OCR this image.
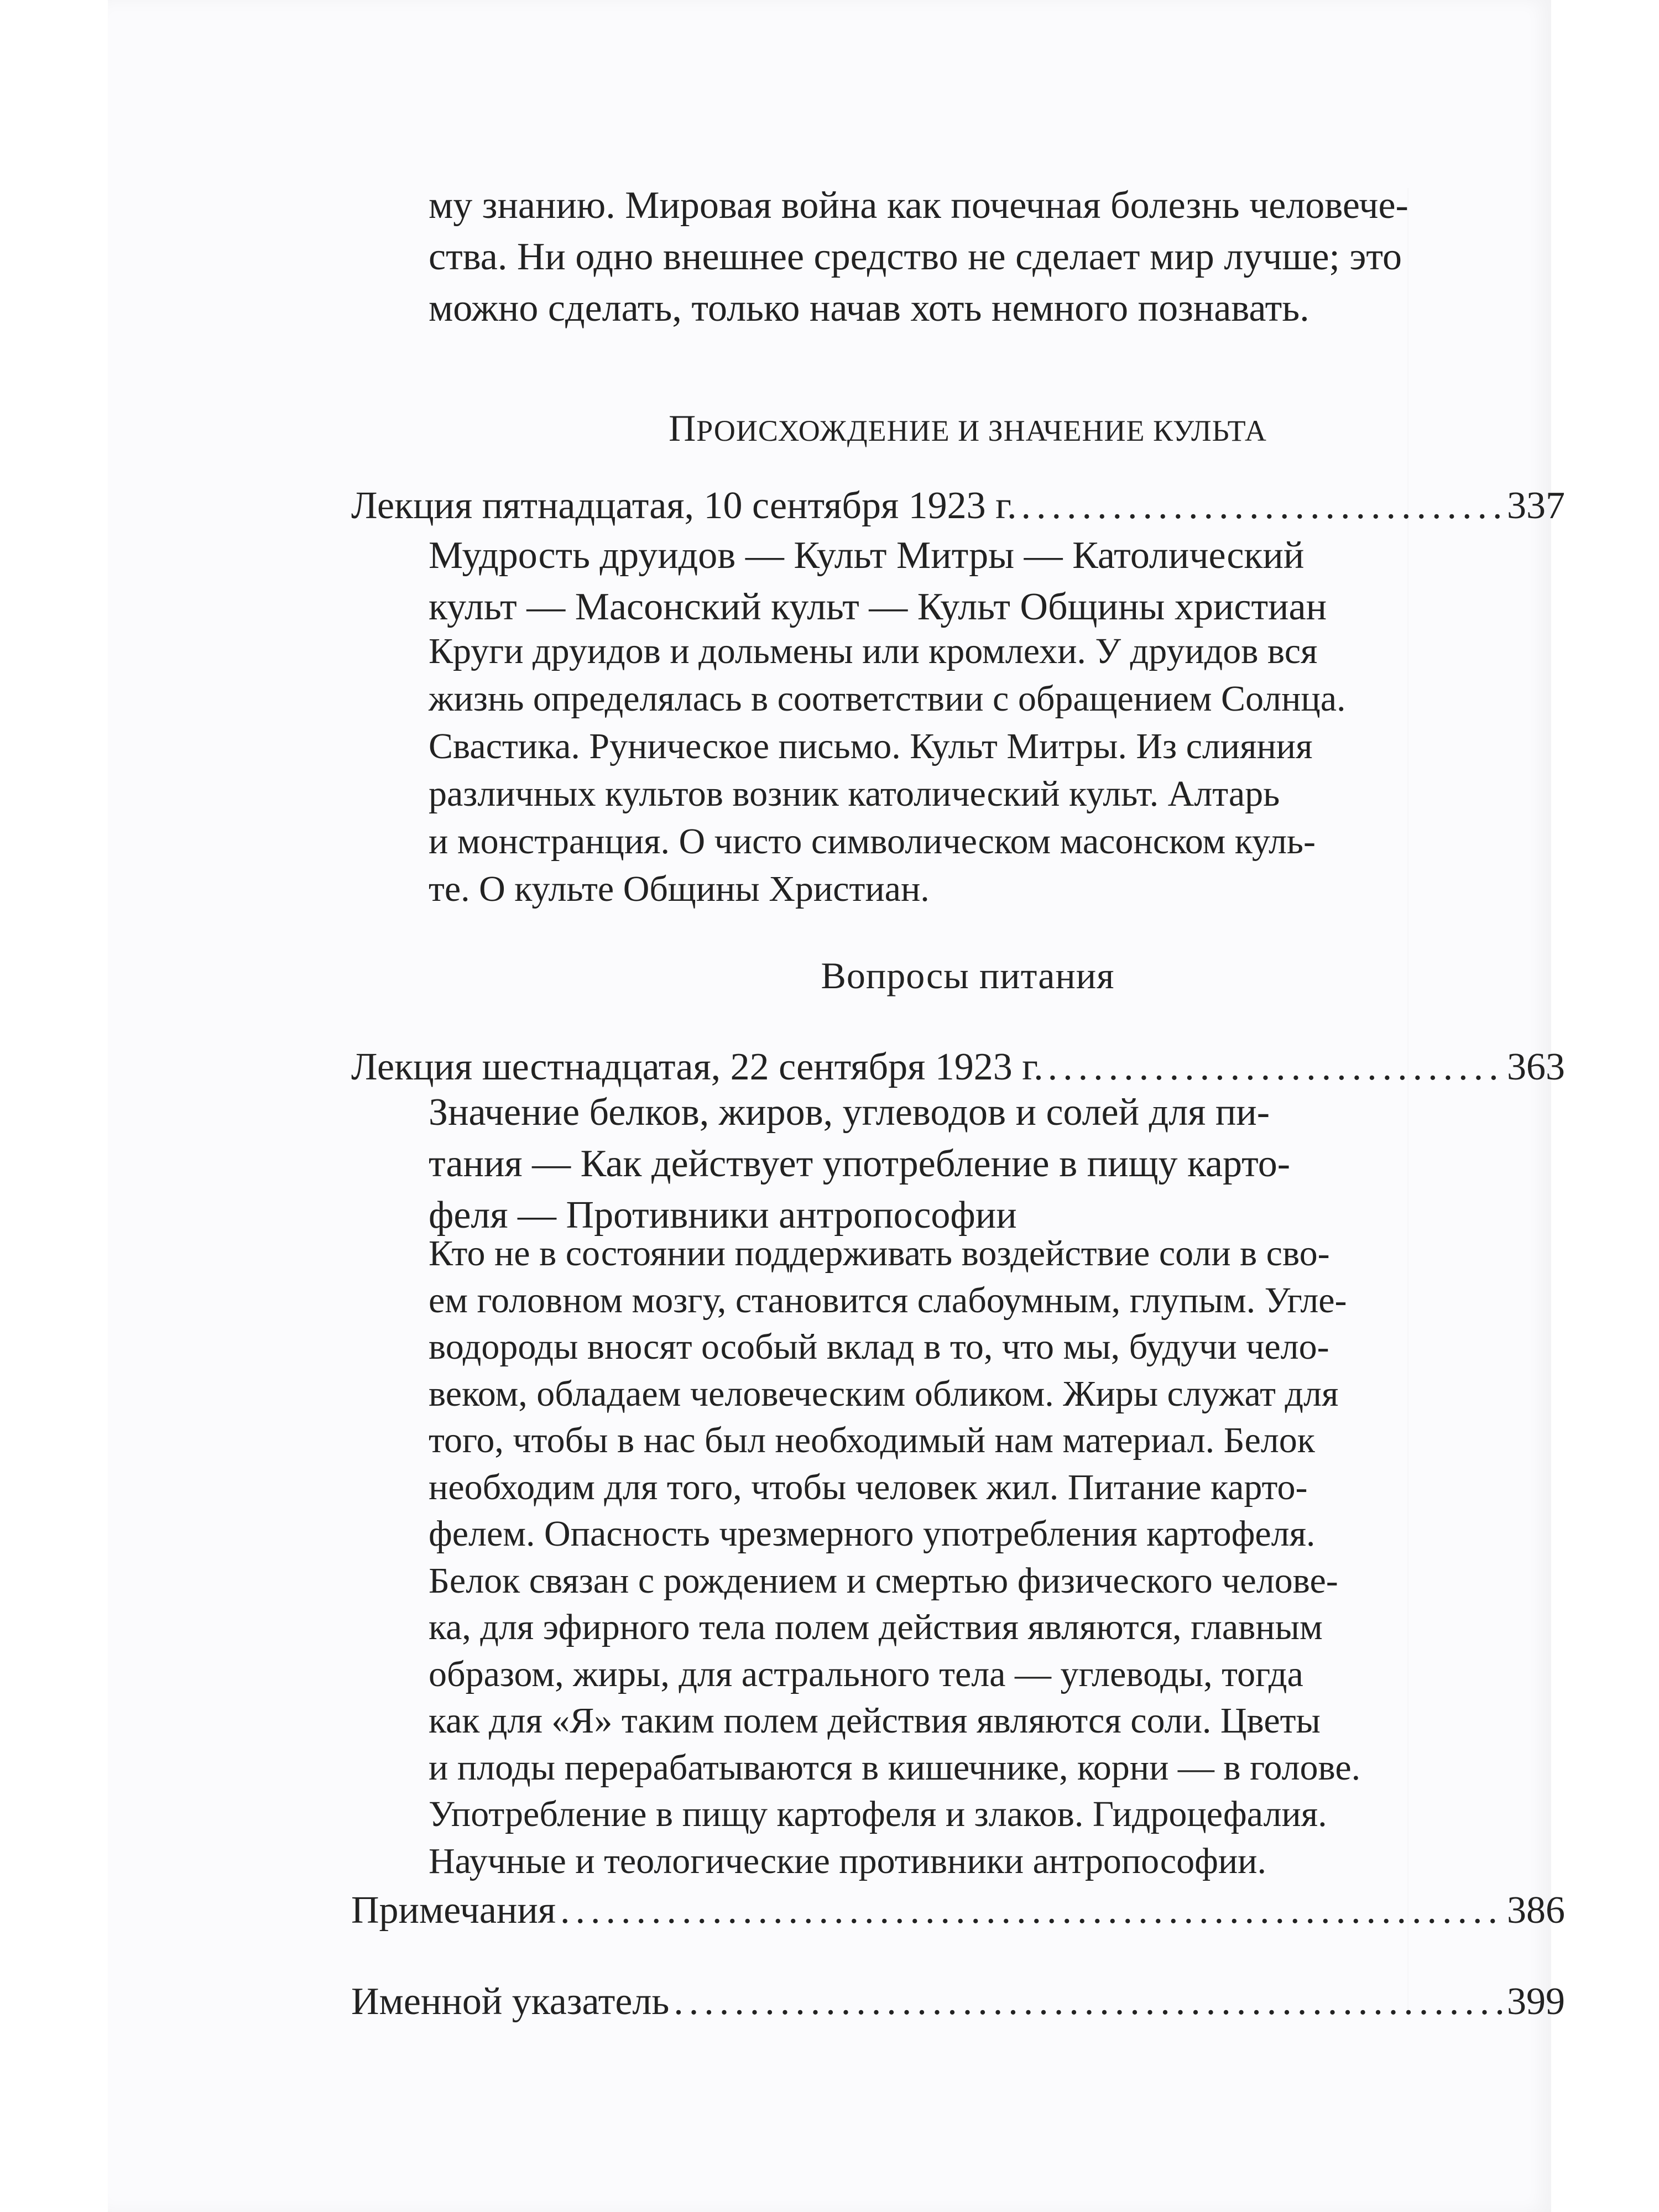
му знанию. Мировая война как почечная болезнь человече-
ства. Ни одно внешнее средство не сделает мир лучше; это
можно сделать, только начав хоть немного познавать.
ПРОИСХОЖДЕНИЕ И ЗНАЧЕНИЕ КУЛЬТА
Лекция пятнадцатая, 10 сентября 1923 г. .....	337
Мудрость друидов — Культ Митры — Католический
культ — Масонский культ — Культ Общины христиан
Круги друидов и дольмены или кромлехи. У друидов вся
жизнь определялась в соответствии с обращением Солнца.
Свастика. Руническое письмо. Культ Митры. Из слияния
различных культов возник католический культ. Алтарь
и монстранция. О чисто символическом масонском куль-
те. О культе Общины Христиан.
Вопросы питания
Лекция шестнадцатая, 22 сентября 1923 г. .....	363
Значение белков, жиров, углеводов и солей для пи-
тания — Как действует употребление в пищу карто-
феля — Противники антропософии
Кто не в состоянии поддерживать воздействие соли в сво-
ем головном мозгу, становится слабоумным, глупым. Угле-
водороды вносят особый вклад в то, что мы, будучи чело-
веком, обладаем человеческим обликом. Жиры служат для
того, чтобы в нас был необходимый нам материал. Белок
необходим для того, чтобы человек жил. Питание карто-
фелем. Опасность чрезмерного употребления картофеля.
Белок связан с рождением и смертью физического челове-
ка, для эфирного тела полем действия являются, главным
образом, жиры, для астрального тела — углеводы, тогда
как для «Я» таким полем действия являются соли. Цветы
и плоды перерабатываются в кишечнике, корни — в голове.
Употребление в пищу картофеля и злаков. Гидроцефалия.
Научные и теологические противники антропософии.
Примечания .....	386
Именной указатель .....	399
